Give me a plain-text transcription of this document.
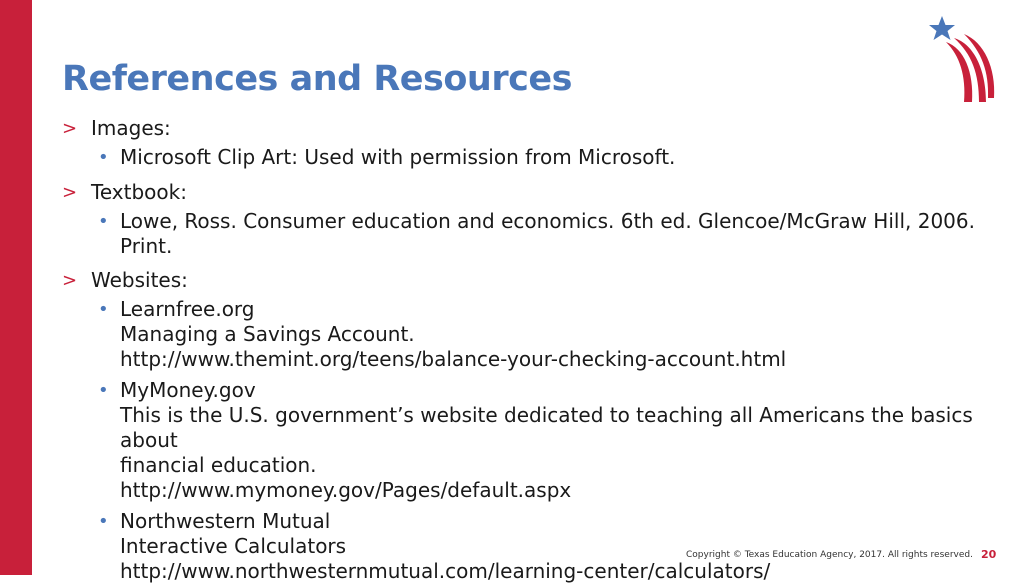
References and Resources
> Images:
• Microsoft Clip Art: Used with permission from Microsoft.
> Textbook:
• Lowe, Ross. Consumer education and economics. 6th ed. Glencoe/McGraw Hill, 2006.
Print.
> Websites:
• Learnfree.org
Managing a Savings Account.
http://www.themint.org/teens/balance-your-checking-account.html
• MyMoney.gov
This is the U.S. government’s website dedicated to teaching all Americans the basics about
financial education.
http://www.mymoney.gov/Pages/default.aspx
• Northwestern Mutual
Interactive Calculators
http://www.northwesternmutual.com/learning-center/calculators/
Copyright © Texas Education Agency, 2017. All rights reserved. 20
